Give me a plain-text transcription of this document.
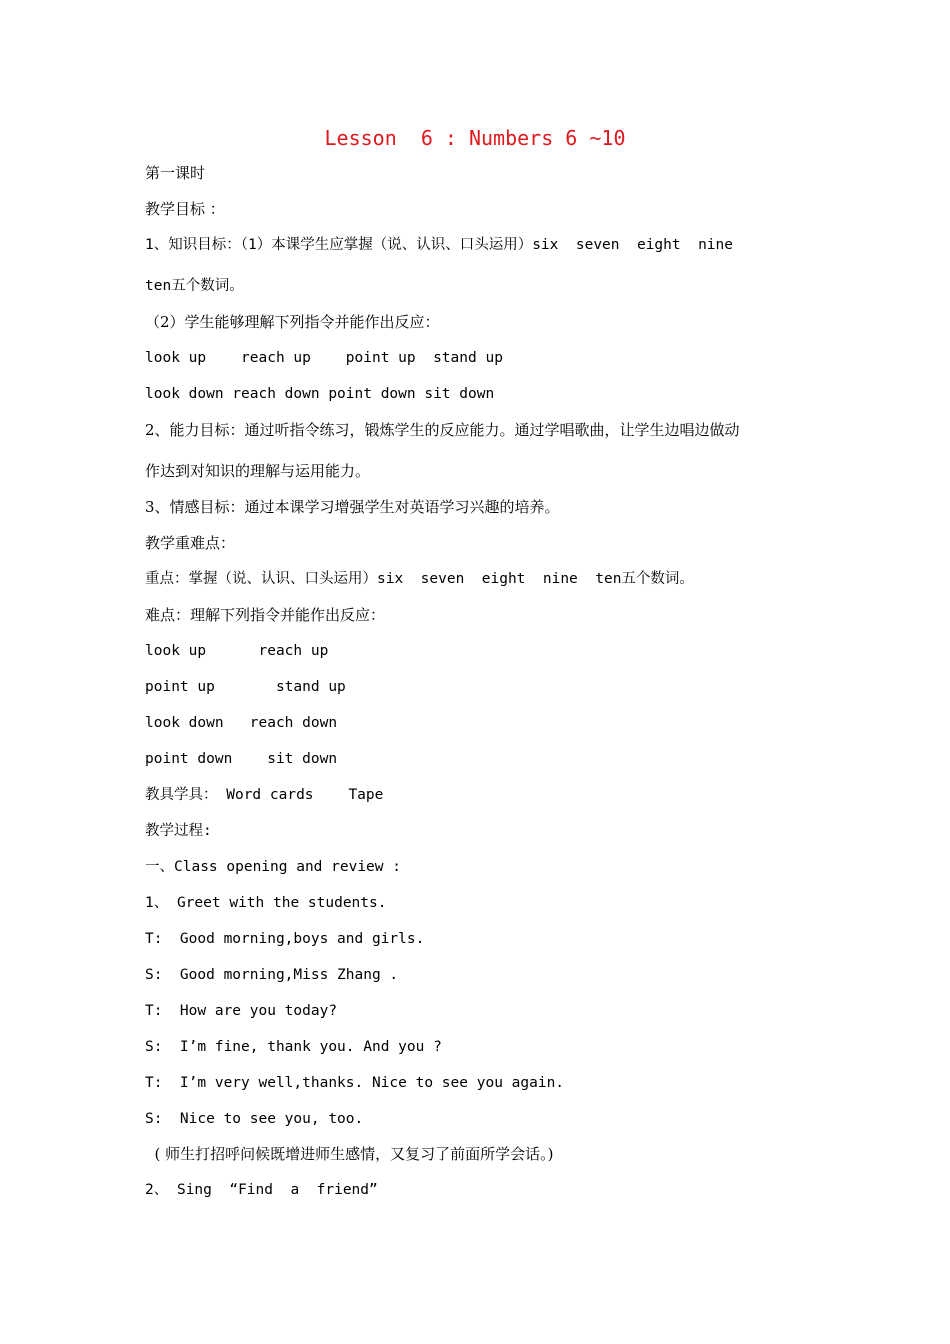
Lesson  6 : Numbers 6 ~10
第一课时
教学目标 ：
1、知识目标：（1）本课学生应掌握（说、认识、口头运用）six  seven  eight  nine
ten五个数词。
（2）学生能够理解下列指令并能作出反应：
look up    reach up    point up  stand up
look down reach down point down sit down
2、能力目标：通过听指令练习，锻炼学生的反应能力。通过学唱歌曲，让学生边唱边做动
作达到对知识的理解与运用能力。
3、情感目标：通过本课学习增强学生对英语学习兴趣的培养。
教学重难点：
重点：掌握（说、认识、口头运用）six  seven  eight  nine  ten五个数词。
难点：理解下列指令并能作出反应：
look up      reach up
point up       stand up
look down   reach down
point down    sit down
教具学具： Word cards    Tape
教学过程:
一、Class opening and review :
1、 Greet with the students.
T:  Good morning,boys and girls.
S:  Good morning,Miss Zhang .
T:  How are you today?
S:  I’m fine, thank you. And you ?
T:  I’m very well,thanks. Nice to see you again.
S:  Nice to see you, too.
( 师生打招呼问候既增进师生感情，又复习了前面所学会话。)
2、 Sing  “Find  a  friend”
